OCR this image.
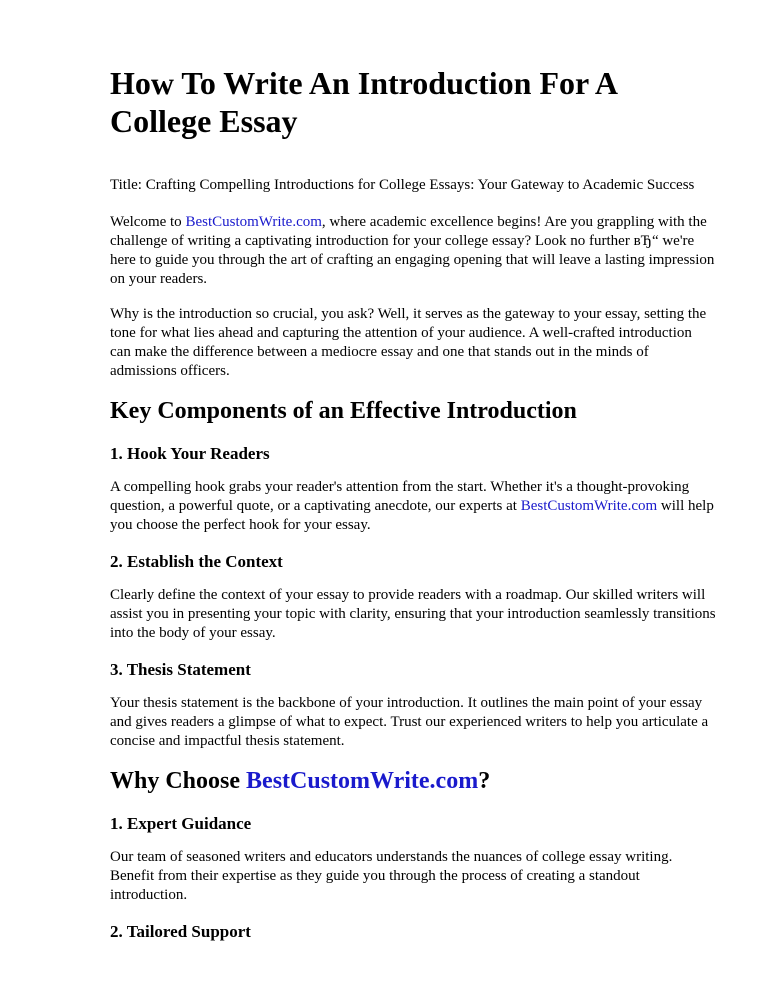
How To Write An Introduction For A College Essay

Title: Crafting Compelling Introductions for College Essays: Your Gateway to Academic Success

Welcome to BestCustomWrite.com, where academic excellence begins! Are you grappling with the challenge of writing a captivating introduction for your college essay? Look no further вЂ“ we're here to guide you through the art of crafting an engaging opening that will leave a lasting impression on your readers.

Why is the introduction so crucial, you ask? Well, it serves as the gateway to your essay, setting the tone for what lies ahead and capturing the attention of your audience. A well-crafted introduction can make the difference between a mediocre essay and one that stands out in the minds of admissions officers.

Key Components of an Effective Introduction
1. Hook Your Readers

A compelling hook grabs your reader's attention from the start. Whether it's a thought-provoking question, a powerful quote, or a captivating anecdote, our experts at BestCustomWrite.com will help you choose the perfect hook for your essay.

2. Establish the Context

Clearly define the context of your essay to provide readers with a roadmap. Our skilled writers will assist you in presenting your topic with clarity, ensuring that your introduction seamlessly transitions into the body of your essay.

3. Thesis Statement

Your thesis statement is the backbone of your introduction. It outlines the main point of your essay and gives readers a glimpse of what to expect. Trust our experienced writers to help you articulate a concise and impactful thesis statement.

Why Choose BestCustomWrite.com?
1. Expert Guidance

Our team of seasoned writers and educators understands the nuances of college essay writing. Benefit from their expertise as they guide you through the process of creating a standout introduction.

2. Tailored Support
